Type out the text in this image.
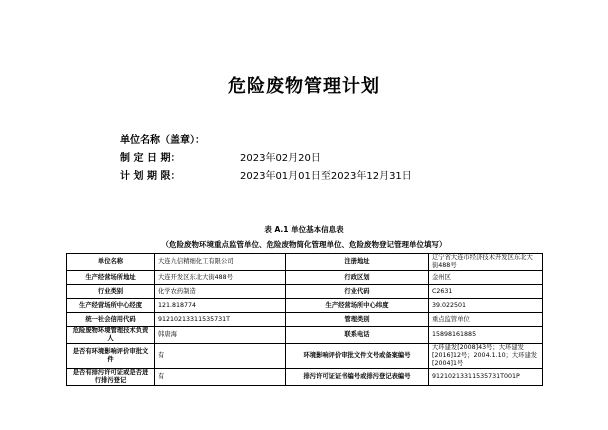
危险废物管理计划
单位名称（盖章）：
制 定 日 期：	2023年02月20日
计 划 期 限：	2023年01月01日至2023年12月31日
表 A.1 单位基本信息表
（危险废物环境重点监管单位、危险废物简化管理单位、危险废物登记管理单位填写）
单位名称	大连九信精细化工有限公司	注册地址	辽宁省大连市经济技术开发区东北大街488号
生产经营场所地址	大连开发区东北大街488号	行政区划	金州区
行业类别	化学农药制造	行业代码	C2631
生产经营场所中心经度	121.818774	生产经营场所中心纬度	39.022501
统一社会信用代码	91210213311535731T	管理类别	重点监管单位
危险废物环境管理技术负责人	韩唐海	联系电话	15898161885
是否有环境影响评价审批文件	有	环境影响评价审批文件文号或备案编号	大环建发[2008]43号；大环建发[2016]12号；2004.1.10；大环建发[2004]1号
是否有排污许可证或是否进行排污登记	有	排污许可证证书编号或排污登记表编号	91210213311535731T001P
